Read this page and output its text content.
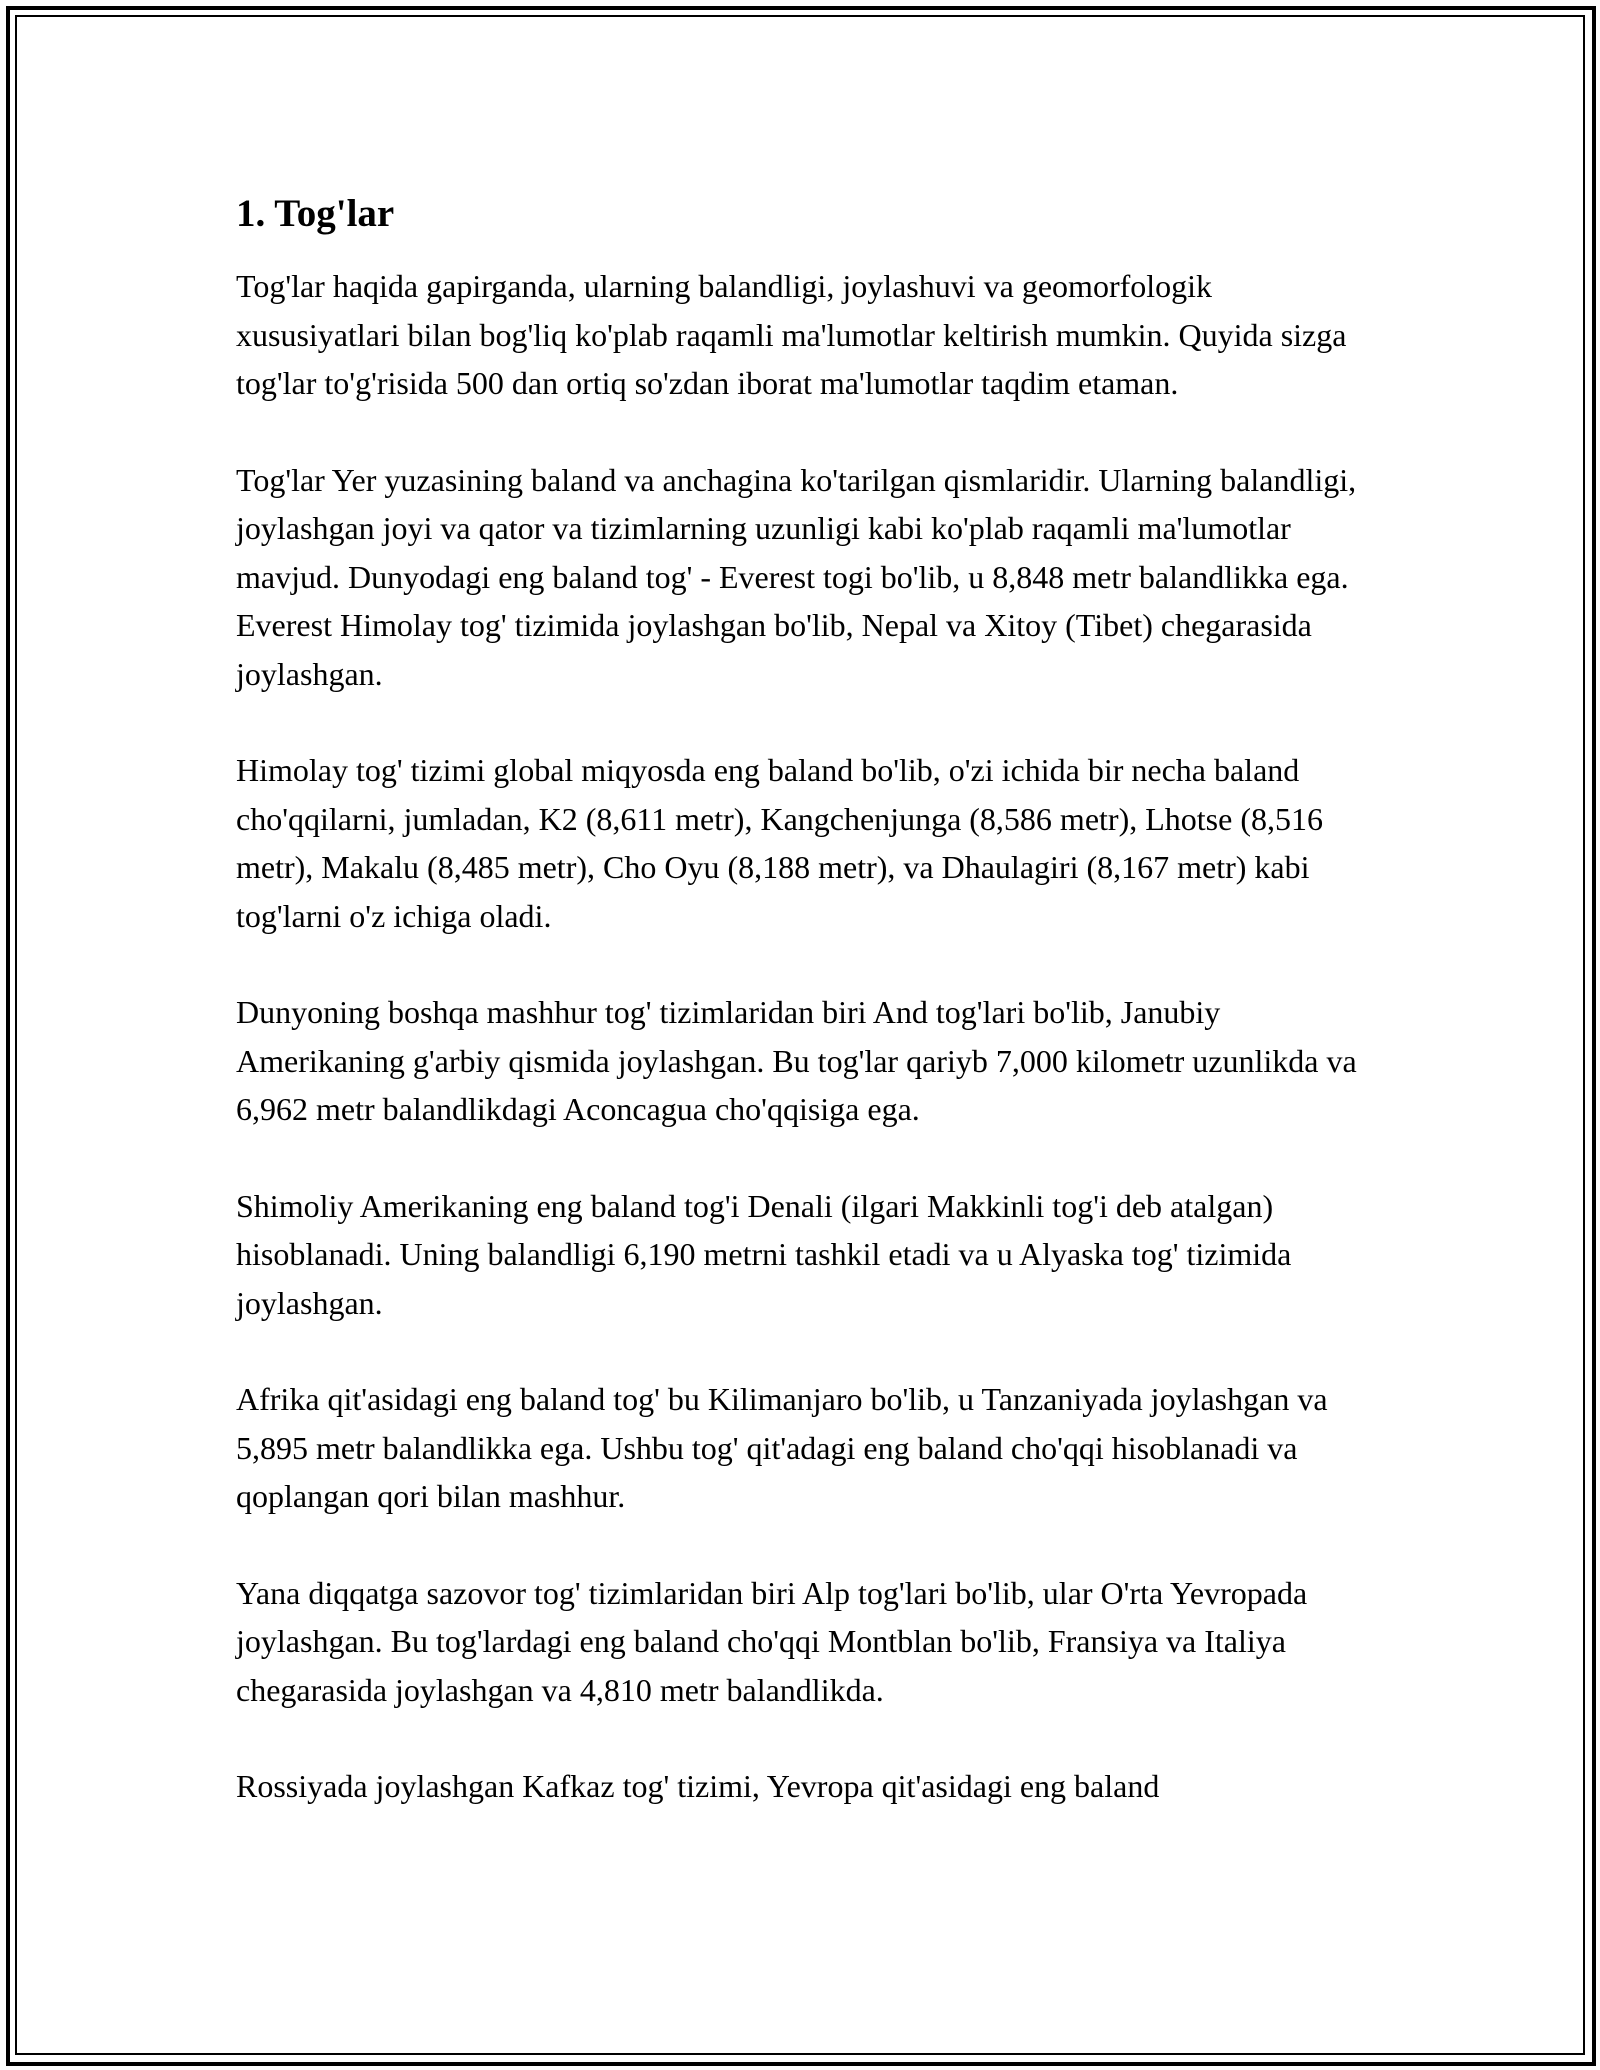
1. Tog'lar

Tog'lar haqida gapirganda, ularning balandligi, joylashuvi va geomorfologik xususiyatlari bilan bog'liq ko'plab raqamli ma'lumotlar keltirish mumkin. Quyida sizga tog'lar to'g'risida 500 dan ortiq so'zdan iborat ma'lumotlar taqdim etaman.

Tog'lar Yer yuzasining baland va anchagina ko'tarilgan qismlaridir. Ularning balandligi, joylashgan joyi va qator va tizimlarning uzunligi kabi ko'plab raqamli ma'lumotlar mavjud. Dunyodagi eng baland tog' - Everest togi bo'lib, u 8,848 metr balandlikka ega. Everest Himolay tog' tizimida joylashgan bo'lib, Nepal va Xitoy (Tibet) chegarasida joylashgan.

Himolay tog' tizimi global miqyosda eng baland bo'lib, o'zi ichida bir necha baland cho'qqilarni, jumladan, K2 (8,611 metr), Kangchenjunga (8,586 metr), Lhotse (8,516 metr), Makalu (8,485 metr), Cho Oyu (8,188 metr), va Dhaulagiri (8,167 metr) kabi tog'larni o'z ichiga oladi.

Dunyoning boshqa mashhur tog' tizimlaridan biri And tog'lari bo'lib, Janubiy Amerikaning g'arbiy qismida joylashgan. Bu tog'lar qariyb 7,000 kilometr uzunlikda va 6,962 metr balandlikdagi Aconcagua cho'qqisiga ega.

Shimoliy Amerikaning eng baland tog'i Denali (ilgari Makkinli tog'i deb atalgan) hisoblanadi. Uning balandligi 6,190 metrni tashkil etadi va u Alyaska tog' tizimida joylashgan.

Afrika qit'asidagi eng baland tog' bu Kilimanjaro bo'lib, u Tanzaniyada joylashgan va 5,895 metr balandlikka ega. Ushbu tog' qit'adagi eng baland cho'qqi hisoblanadi va qoplangan qori bilan mashhur.

Yana diqqatga sazovor tog' tizimlaridan biri Alp tog'lari bo'lib, ular O'rta Yevropada joylashgan. Bu tog'lardagi eng baland cho'qqi Montblan bo'lib, Fransiya va Italiya chegarasida joylashgan va 4,810 metr balandlikda.

Rossiyada joylashgan Kafkaz tog' tizimi, Yevropa qit'asidagi eng baland
